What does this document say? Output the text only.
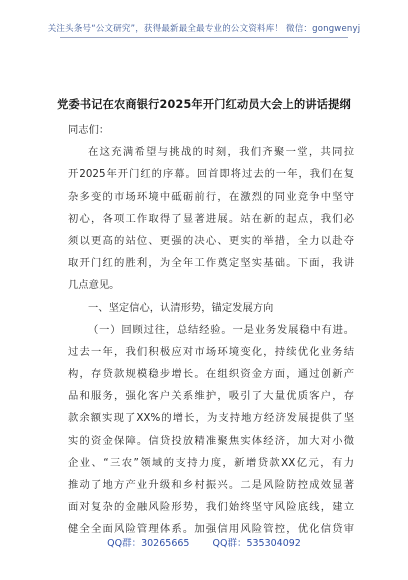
关注头条号“公文研究”，获得最新最全最专业的公文资料库！ 微信：gongwenyj
党委书记在农商银行2025年开门红动员大会上的讲话提纲
同志们：
在这充满希望与挑战的时刻，我们齐聚一堂，共同拉
开2025年开门红的序幕。回首即将过去的一年，我们在复
杂多变的市场环境中砥砺前行，在激烈的同业竞争中坚守
初心，各项工作取得了显著进展。站在新的起点，我们必
须以更高的站位、更强的决心、更实的举措，全力以赴夺
取开门红的胜利，为全年工作奠定坚实基础。下面，我讲
几点意见。
一、坚定信心，认清形势，锚定发展方向
（一）回顾过往，总结经验。一是业务发展稳中有进。
过去一年，我们积极应对市场环境变化，持续优化业务结
构，存贷款规模稳步增长。在组织资金方面，通过创新产
品和服务，强化客户关系维护，吸引了大量优质客户，存
款余额实现了XX%的增长，为支持地方经济发展提供了坚
实的资金保障。信贷投放精准聚焦实体经济，加大对小微
企业、“三农”领域的支持力度，新增贷款XX亿元，有力
推动了地方产业升级和乡村振兴。二是风险防控成效显著
面对复杂的金融风险形势，我们始终坚守风险底线，建立
健全全面风险管理体系。加强信用风险管控，优化信贷审
QQ群：30265665 QQ群：535304092
